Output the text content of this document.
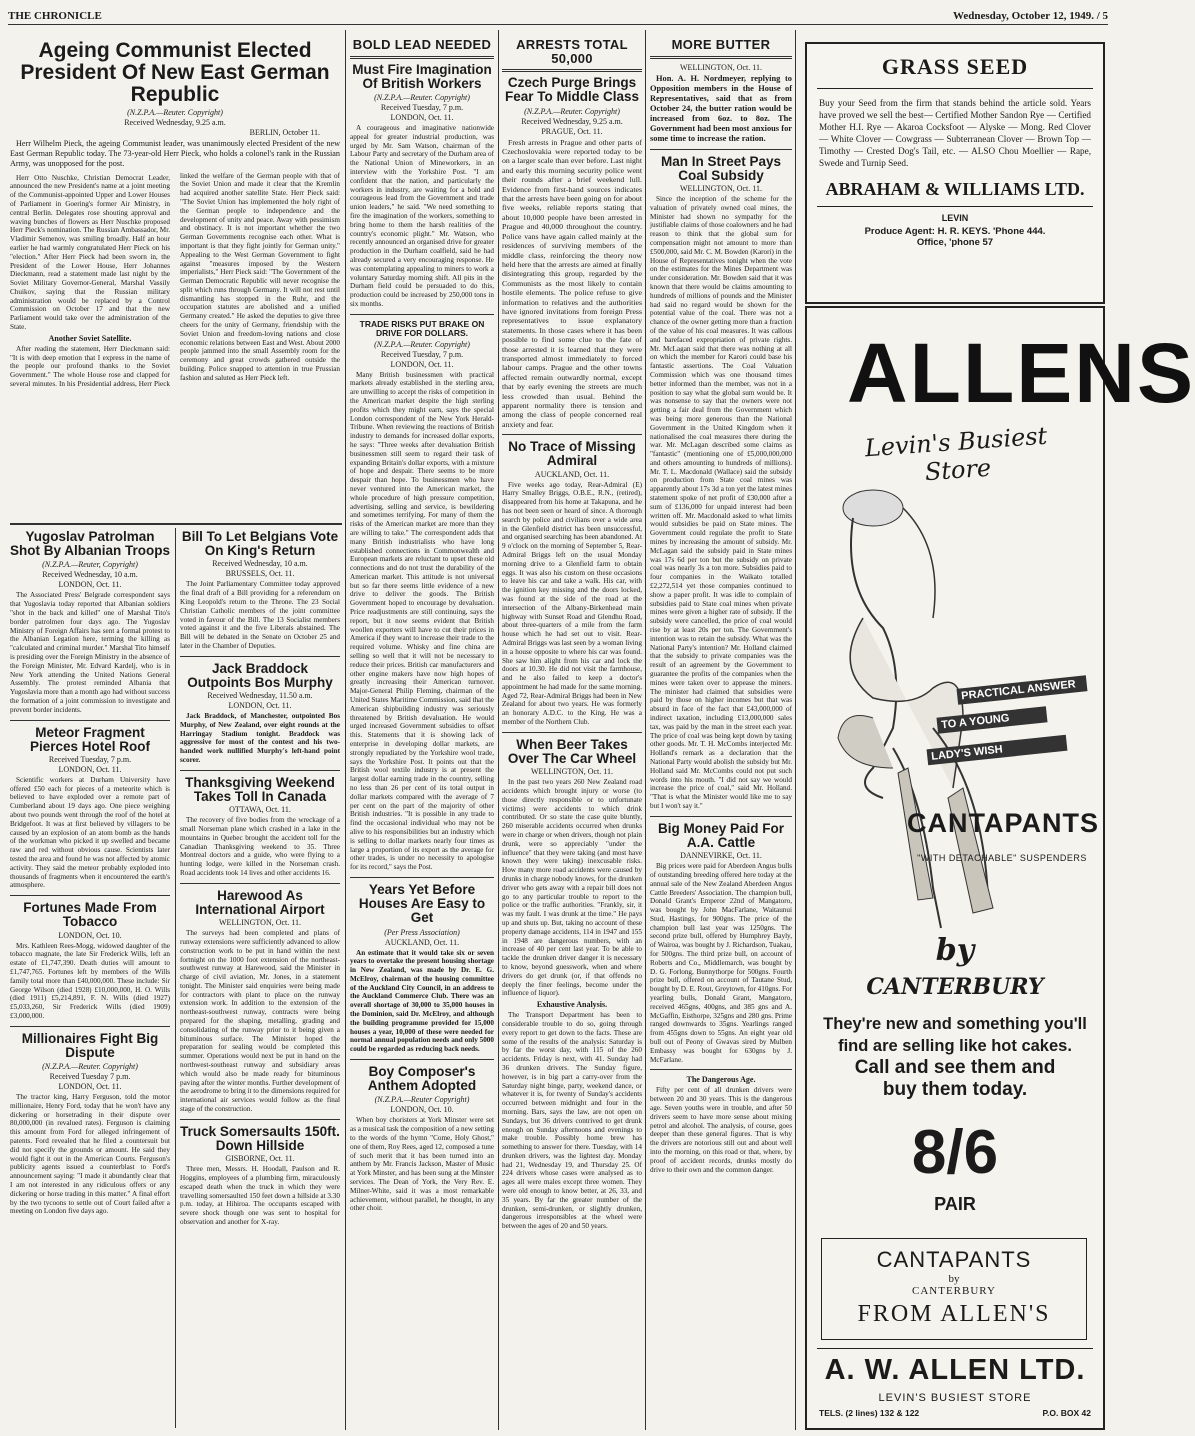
THE CHRONICLE	Wednesday, October 12, 1949. / 5
Ageing Communist Elected President Of New East German Republic

(N.Z.P.A.—Reuter. Copyright)

Received Wednesday, 9.25 a.m.

BERLIN, October 11.

Herr Wilhelm Pieck, the ageing Communist leader, was unanimously elected President of the new East German Republic today. The 73-year-old Herr Pieck, who holds a colonel's rank in the Russian Army, was unopposed for the post.

Herr Otto Nuschke, Christian Democrat Leader, announced the new President's name at a joint meeting of the Communist-appointed Upper and Lower Houses of Parliament in Goering's former Air Ministry, in central Berlin. Delegates rose shouting approval and waving bunches of flowers as Herr Nuschke proposed Herr Pieck's nomination. The Russian Ambassador, Mr. Vladimir Semenov, was smiling broadly. Half an hour earlier he had warmly congratulated Herr Pieck on his "election." After Herr Pieck had been sworn in, the President of the Lower House, Herr Johannes Dieckmann, read a statement made last night by the Soviet Military Governor-General, Marshal Vassily Chuikov, saying that the Russian military administration would be replaced by a Control Commission on October 17 and that the new Parliament would take over the administration of the State.

Another Soviet Satellite.

After reading the statement, Herr Dieckmann said: "It is with deep emotion that I express in the name of the people our profound thanks to the Soviet Government." The whole House rose and clapped for several minutes. In his Presidential address, Herr Pieck linked the welfare of the German people with that of the Soviet Union and made it clear that the Kremlin had acquired another satellite State. Herr Pieck said: "The Soviet Union has implemented the holy right of the German people to independence and the development of unity and peace. Away with pessimism and obstinacy. It is not important whether the two German Governments recognise each other. What is important is that they fight jointly for German unity." Appealing to the West German Government to fight against "measures imposed by the Western imperialists," Herr Pieck said: "The Government of the German Democratic Republic will never recognise the split which runs through Germany. It will not rest until dismantling has stopped in the Ruhr, and the occupation statutes are abolished and a unified Germany created." He asked the deputies to give three cheers for the unity of Germany, friendship with the Soviet Union and freedom-loving nations and close economic relations between East and West. About 2000 people jammed into the small Assembly room for the ceremony and great crowds gathered outside the building. Police snapped to attention in true Prussian fashion and saluted as Herr Pieck left.

Yugoslav Patrolman Shot By Albanian Troops

(N.Z.P.A.—Reuter, Copyright)

Received Wednesday, 10 a.m.

LONDON, Oct. 11.

The Associated Press' Belgrade correspondent says that Yugoslavia today reported that Albanian soldiers "shot in the back and killed" one of Marshal Tito's border patrolmen four days ago. The Yugoslav Ministry of Foreign Affairs has sent a formal protest to the Albanian Legation here, terming the killing as "calculated and criminal murder." Marshal Tito himself is presiding over the Foreign Ministry in the absence of the Foreign Minister, Mr. Edvard Kardelj, who is in New York attending the United Nations General Assembly. The protest reminded Albania that Yugoslavia more than a month ago had without success the formation of a joint commission to investigate and prevent border incidents.

Meteor Fragment Pierces Hotel Roof

Received Tuesday, 7 p.m.

LONDON, Oct. 11.

Scientific workers at Durham University have offered £50 each for pieces of a meteorite which is believed to have exploded over a remote part of Cumberland about 19 days ago. One piece weighing about two pounds went through the roof of the hotel at Bridgefoot. It was at first believed by villagers to be caused by an explosion of an atom bomb as the hands of the workman who picked it up swelled and became raw and red without obvious cause. Scientists later tested the area and found he was not affected by atomic activity. They said the meteor probably exploded into thousands of fragments when it encountered the earth's atmosphere.

Fortunes Made From Tobacco

LONDON, Oct. 10.

Mrs. Kathleen Rees-Mogg, widowed daughter of the tobacco magnate, the late Sir Frederick Wills, left an estate of £1,747,390. Death duties will amount to £1,747,765. Fortunes left by members of the Wills family total more than £40,000,000. These include: Sir George Wilson (died 1928) £10,000,000, H. O. Wills (died 1911) £5,214,891, F. N. Wills (died 1927) £5,033,260, Sir Frederick Wills (died 1909) £3,000,000.

Millionaires Fight Big Dispute

(N.Z.P.A.—Reuter. Copyright)

Received Tuesday 7 p.m.

LONDON, Oct. 11.

The tractor king, Harry Ferguson, told the motor millionaire, Henry Ford, today that he won't have any dickering or horsetrading in their dispute over 80,000,000 (in revalued rates). Ferguson is claiming this amount from Ford for alleged infringement of patents. Ford revealed that he filed a countersuit but did not specify the grounds or amount. He said they would fight it out in the American Courts. Ferguson's publicity agents issued a counterblast to Ford's announcement saying: "I made it abundantly clear that I am not interested in any ridiculous offers or any dickering or horse trading in this matter." A final effort by the two tycoons to settle out of Court failed after a meeting on London five days ago.

Bill To Let Belgians Vote On King's Return

Received Wednesday, 10 a.m.

BRUSSELS, Oct. 11.

The Joint Parliamentary Committee today approved the final draft of a Bill providing for a referendum on King Leopold's return to the Throne. The 23 Social Christian Catholic members of the joint committee voted in favour of the Bill. The 13 Socialist members voted against it and the five Liberals abstained. The Bill will be debated in the Senate on October 25 and later in the Chamber of Deputies.

Jack Braddock Outpoints Bos Murphy

Received Wednesday, 11.50 a.m.

LONDON, Oct. 11.

Jack Braddock, of Manchester, outpointed Bos Murphy, of New Zealand, over eight rounds at the Harringay Stadium tonight. Braddock was aggressive for most of the contest and his two-handed work nullified Murphy's left-hand point scorer.

Thanksgiving Weekend Takes Toll In Canada

OTTAWA, Oct. 11.

The recovery of five bodies from the wreckage of a small Norseman plane which crashed in a lake in the mountains in Quebec brought the accident toll for the Canadian Thanksgiving weekend to 35. Three Montreal doctors and a guide, who were flying to a hunting lodge, were killed in the Norseman crash. Road accidents took 14 lives and other accidents 16.

Harewood As International Airport

WELLINGTON, Oct. 11.

The surveys had been completed and plans of runway extensions were sufficiently advanced to allow construction work to be put in hand within the next fortnight on the 1000 foot extension of the northeast-southwest runway at Harewood, said the Minister in charge of civil aviation, Mr. Jones, in a statement tonight. The Minister said enquiries were being made for contractors with plant to place on the runway extension work. In addition to the extension of the northeast-southwest runway, contracts were being prepared for the shaping, metalling, grading and consolidating of the runway prior to it being given a bituminous surface. The Minister hoped the preparation for sealing would be completed this summer. Operations would next be put in hand on the northwest-southeast runway and subsidiary areas which would also be made ready for bituminous paving after the winter months. Further development of the aerodrome to bring it to the dimensions required for international air services would follow as the final stage of the construction.

Truck Somersaults 150ft. Down Hillside

GISBORNE, Oct. 11.

Three men, Messrs. H. Hoodall, Paulson and R. Hoggins, employees of a plumbing firm, miraculously escaped death when the truck in which they were travelling somersaulted 150 feet down a hillside at 3.30 p.m. today, at Hihiroa. The occupants escaped with severe shock though one was sent to hospital for observation and another for X-ray.

BOLD LEAD NEEDED
Must Fire Imagination Of British Workers

(N.Z.P.A.—Reuter. Copyright)

Received Tuesday, 7 p.m.

LONDON, Oct. 11.

A courageous and imaginative nationwide appeal for greater industrial production, was urged by Mr. Sam Watson, chairman of the Labour Party and secretary of the Durham area of the National Union of Mineworkers, in an interview with the Yorkshire Post. "I am confident that the nation, and particularly the workers in industry, are waiting for a bold and courageous lead from the Government and trade union leaders," he said. "We need something to fire the imagination of the workers, something to bring home to them the harsh realities of the country's economic plight." Mr. Watson, who recently announced an organised drive for greater production in the Durham coalfield, said he had already secured a very encouraging response. He was contemplating appealing to miners to work a voluntary Saturday morning shift. All pits in the Durham field could be persuaded to do this, production could be increased by 250,000 tons in six months.

TRADE RISKS PUT BRAKE ON DRIVE FOR DOLLARS.

(N.Z.P.A.—Reuter. Copyright)

Received Tuesday, 7 p.m.

LONDON, Oct. 11.

Many British businessmen with practical markets already established in the sterling area, are unwilling to accept the risks of competition in the American market despite the high sterling profits which they might earn, says the special London correspondent of the New York Herald-Tribune. When reviewing the reactions of British industry to demands for increased dollar exports, he says: "Three weeks after devaluation British businessmen still seem to regard their task of expanding Britain's dollar exports, with a mixture of hope and despair. There seems to be more despair than hope. To businessmen who have never ventured into the American market, the whole procedure of high pressure competition, advertising, selling and service, is bewildering and sometimes terrifying. For many of them the risks of the American market are more than they are willing to take." The correspondent adds that many British industrialists who have long established connections in Commonwealth and European markets are reluctant to upset these old connections and do not trust the durability of the American market. This attitude is not universal but so far there seems little evidence of a new drive to deliver the goods. The British Government hoped to encourage by devaluation. Price readjustments are still continuing, says the report, but it now seems evident that British woollen exporters will have to cut their prices in America if they want to increase their trade to the required volume. Whisky and fine china are selling so well that it will not be necessary to reduce their prices. British car manufacturers and other engine makers have now high hopes of greatly increasing their American turnover. Major-General Philip Fleming, chairman of the United States Maritime Commission, said that the American shipbuilding industry was seriously threatened by British devaluation. He would urged increased Government subsidies to offset this. Statements that it is showing lack of enterprise in developing dollar markets, are strongly repudiated by the Yorkshire wool trade, says the Yorkshire Post. It points out that the British wool textile industry is at present the largest dollar earning trade in the country, selling no less than 26 per cent of its total output in dollar markets compared with the average of 7 per cent on the part of the majority of other British industries. "It is possible in any trade to find the occasional individual who may not be alive to his responsibilities but an industry which is selling to dollar markets nearly four times as large a proportion of its export as the average for other trades, is under no necessity to apologise for its record," says the Post.

Years Yet Before Houses Are Easy to Get

(Per Press Association)

AUCKLAND, Oct. 11.

An estimate that it would take six or seven years to overtake the present housing shortage in New Zealand, was made by Dr. E. G. McElroy, chairman of the housing committee of the Auckland City Council, in an address to the Auckland Commerce Club. There was an overall shortage of 30,000 to 35,000 houses in the Dominion, said Dr. McElroy, and although the building programme provided for 15,000 houses a year, 10,000 of these were needed for normal annual population needs and only 5000 could be regarded as reducing back needs.

Boy Composer's Anthem Adopted

(N.Z.P.A.—Reuter Copyright)

LONDON, Oct. 10.

When boy choristers at York Minster were set as a musical task the composition of a new setting to the words of the hymn "Come, Holy Ghost," one of them, Roy Rees, aged 12, composed a tune of such merit that it has been turned into an anthem by Mr. Francis Jackson, Master of Music at York Minster, and has been sung at the Minster services. The Dean of York, the Very Rev. E. Milner-White, said it was a most remarkable achievement, without parallel, he thought, in any other choir.

ARRESTS TOTAL 50,000
Czech Purge Brings Fear To Middle Class

(N.Z.P.A.—Reuter. Copyright)

Received Wednesday, 9.25 a.m.

PRAGUE, Oct. 11.

Fresh arrests in Prague and other parts of Czechoslovakia were reported today to be on a larger scale than ever before. Last night and early this morning security police went their rounds after a brief weekend lull. Evidence from first-hand sources indicates that the arrests have been going on for about five weeks, reliable reports stating that about 10,000 people have been arrested in Prague and 40,000 throughout the country. Police vans have again called mainly at the residences of surviving members of the middle class, reinforcing the theory now held here that the arrests are aimed at finally disintegrating this group, regarded by the Communists as the most likely to contain hostile elements. The police refuse to give information to relatives and the authorities have ignored invitations from foreign Press representatives to issue explanatory statements. In those cases where it has been possible to find some clue to the fate of those arrested it is learned that they were transported almost immediately to forced labour camps. Prague and the other towns affected remain outwardly normal, except that by early evening the streets are much less crowded than usual. Behind the apparent normality there is tension and among the class of people concerned real anxiety and fear.

No Trace of Missing Admiral

AUCKLAND, Oct. 11.

Five weeks ago today, Rear-Admiral (E) Harry Smalley Briggs, O.B.E., R.N., (retired), disappeared from his home at Takapuna, and he has not been seen or heard of since. A thorough search by police and civilians over a wide area in the Glenfield district has been unsuccessful, and organised searching has been abandoned. At 9 o'clock on the morning of September 5, Rear-Admiral Briggs left on the usual Monday morning drive to a Glenfield farm to obtain eggs. It was also his custom on these occasions to leave his car and take a walk. His car, with the ignition key missing and the doors locked, was found at the side of the road at the intersection of the Albany-Birkenhead main highway with Sunset Road and Glendhu Road, about three-quarters of a mile from the farm house which he had set out to visit. Rear-Admiral Briggs was last seen by a woman living in a house opposite to where his car was found. She saw him alight from his car and lock the doors at 10.30. He did not visit the farmhouse, and he also failed to keep a doctor's appointment he had made for the same morning. Aged 72, Rear-Admiral Briggs had been in New Zealand for about two years. He was formerly an honorary A.D.C. to the King. He was a member of the Northern Club.

When Beer Takes Over The Car Wheel

WELLINGTON, Oct. 11.

In the past two years 260 New Zealand road accidents which brought injury or worse (to those directly responsible or to unfortunate victims) were accidents to which drink contributed. Or so state the case quite bluntly, 260 miserable accidents occurred when drunks were in charge or when drivers, though not plain drunk, were so appreciably "under the influence" that they were taking (and most have known they were taking) inexcusable risks. How many more road accidents were caused by drunks in charge nobody knows, for the drunken driver who gets away with a repair bill does not go to any particular trouble to report to the police or the traffic authorities. "Frankly, sir, it was my fault. I was drunk at the time." He pays up and shuts up. But, taking no account of these property damage accidents, 114 in 1947 and 155 in 1948 are dangerous numbers, with an increase of 40 per cent last year. To be able to tackle the drunken driver danger it is necessary to know, beyond guesswork, when and where drivers do get drunk (or, if that offends no deeply the finer feelings, become under the influence of liquor).

Exhaustive Analysis.

The Transport Department has been to considerable trouble to do so, going through every report to get down to the facts. These are some of the results of the analysis: Saturday is by far the worst day, with 115 of the 260 accidents. Friday is next, with 41. Sunday had 36 drunken drivers. The Sunday figure, however, is in big part a carry-over from the Saturday night binge, party, weekend dance, or whatever it is, for twenty of Sunday's accidents occurred between midnight and four in the morning. Bars, says the law, are not open on Sundays, but 36 drivers contrived to get drunk enough on Sunday afternoons and evenings to make trouble. Possibly home brew has something to answer for there. Tuesday, with 14 drunken drivers, was the lightest day. Monday had 21, Wednesday 19, and Thursday 25. Of 224 drivers whose cases were analysed as to ages all were males except three women. They were old enough to know better, at 26, 33, and 35 years. By far the greater number of the drunken, semi-drunken, or slightly drunken, dangerous irresponsibles at the wheel were between the ages of 20 and 50 years.

MORE BUTTER

WELLINGTON, Oct. 11.

Hon. A. H. Nordmeyer, replying to Opposition members in the House of Representatives, said that as from October 24, the butter ration would be increased from 6oz. to 8oz. The Government had been most anxious for some time to increase the ration.

Man In Street Pays Coal Subsidy

WELLINGTON, Oct. 11.

Since the inception of the scheme for the valuation of privately owned coal mines, the Minister had shown no sympathy for the justifiable claims of those coalowners and he had reason to think that the global sum for compensation might not amount to more than £500,000, said Mr. C. M. Bowden (Karori) in the House of Representatives tonight when the vote on the estimates for the Mines Department was under consideration. Mr. Bowden said that it was known that there would be claims amounting to hundreds of millions of pounds and the Minister had said no regard would be shown for the potential value of the coal. There was not a chance of the owner getting more than a fraction of the value of his coal measures. It was callous and barefaced expropriation of private rights. Mr. McLagan said that there was nothing at all on which the member for Karori could base his fantastic assertions. The Coal Valuation Commission which was one thousand times better informed than the member, was not in a position to say what the global sum would be. It was nonsense to say that the owners were not getting a fair deal from the Government which was being more generous than the National Government in the United Kingdom when it nationalised the coal measures there during the war. Mr. McLagan described some claims as "fantastic" (mentioning one of £5,000,000,000 and others amounting to hundreds of millions). Mr. T. L. Macdonald (Wallace) said the subsidy on production from State coal mines was apparently about 17s 3d a ton yet the latest mines statement spoke of net profit of £30,000 after a sum of £136,000 for unpaid interest had been written off. Mr. Macdonald asked to what limits would subsidies be paid on State mines. The Government could regulate the profit to State mines by increasing the amount of subsidy. Mr. McLagan said the subsidy paid in State mines was 17s 6d per ton but the subsidy on private coal was nearly 3s a ton more. Subsidies paid to four companies in the Waikato totalled £2,272,514 yet those companies continued to show a paper profit. It was idle to complain of subsidies paid to State coal mines when private mines were given a higher rate of subsidy. If the subsidy were cancelled, the price of coal would rise by at least 20s per ton. The Government's intention was to retain the subsidy. What was the National Party's intention? Mr. Holland claimed that the subsidy to private companies was the result of an agreement by the Government to guarantee the profits of the companies when the mines were taken over to appease the miners. The minister had claimed that subsidies were paid by those on higher incomes but that was absurd in face of the fact that £43,000,000 of indirect taxation, including £13,000,000 sales tax, was paid by the man in the street each year. The price of coal was being kept down by taxing other goods. Mr. T. H. McCombs interjected Mr. Holland's remark as a declaration that the National Party would abolish the subsidy but Mr. Holland said Mr. McCombs could not put such words into his mouth. "I did not say we would increase the price of coal," said Mr. Holland. "That is what the Minister would like me to say but I won't say it."

Big Money Paid For A.A. Cattle

DANNEVIRKE, Oct. 11.

Big prices were paid for Aberdeen Angus bulls of outstanding breeding offered here today at the annual sale of the New Zealand Aberdeen Angus Cattle Breeders' Association. The champion bull, Donald Grant's Emperor 22nd of Mangatoro, was bought by John MacFarlane, Waitaunui Stud, Hastings, for 900gns. The price of the champion bull last year was 1250gns. The second prize bull, offered by Humphrey Bayly, of Wairoa, was bought by J. Richardson, Tuakau, for 500gns. The third prize bull, on account of Roberts and Co., Middlemarch, was bought by D. G. Forlong, Bunnythorpe for 500gns. Fourth prize bull, offered on account of Tautane Stud, bought by D. E. Rout, Greytown, for 410gns. For yearling bulls, Donald Grant, Mangatoro, received 465gns, 400gns, and 385 gns and A. McGaffin, Eisthorpe, 325gns and 280 gns. Prime ranged downwards to 35gns. Yearlings ranged from 455gns down to 55gns. An eight year old bull out of Peony of Gwavas sired by Mulben Embassy was bought for 630gns by J. McFarlane.

The Dangerous Age.

Fifty per cent of all drunken drivers were between 20 and 30 years. This is the dangerous age. Seven youths were in trouble, and after 50 drivers seem to have more sense about mixing petrol and alcohol. The analysis, of course, goes deeper than these general figures. That is why the drivers are notorious still out and about well into the morning, on this road or that, where, by proof of accident records, drunks mostly do drive to their own and the common danger.

GRASS SEED

Buy your Seed from the firm that stands behind the article sold. Years have proved we sell the best— Certified Mother Sandon Rye — Certified Mother H.I. Rye — Akaroa Cocksfoot — Alyske — Mong. Red Clover — White Clover — Cowgrass — Subterranean Clover — Brown Top — Timothy — Crested Dog's Tail, etc. — ALSO Chou Moellier — Rape, Swede and Turnip Seed.

ABRAHAM & WILLIAMS LTD.
LEVIN
Produce Agent: H. R. KEYS. 'Phone 444.
Office, 'phone 57
ALLENS
Levin's Busiest Store
PRACTICAL ANSWER
TO A YOUNG
LADY'S WISH
CANTAPANTS
"WITH DETACHABLE" SUSPENDERS
by
CANTERBURY
They're new and something you'll
find are selling like hot cakes.
Call and see them and
buy them today.
8/6
PAIR
CANTAPANTS
by
CANTERBURY
FROM ALLEN'S
A. W. ALLEN LTD.
LEVIN'S BUSIEST STORE
TELS. (2 lines) 132 & 122	P.O. BOX 42
